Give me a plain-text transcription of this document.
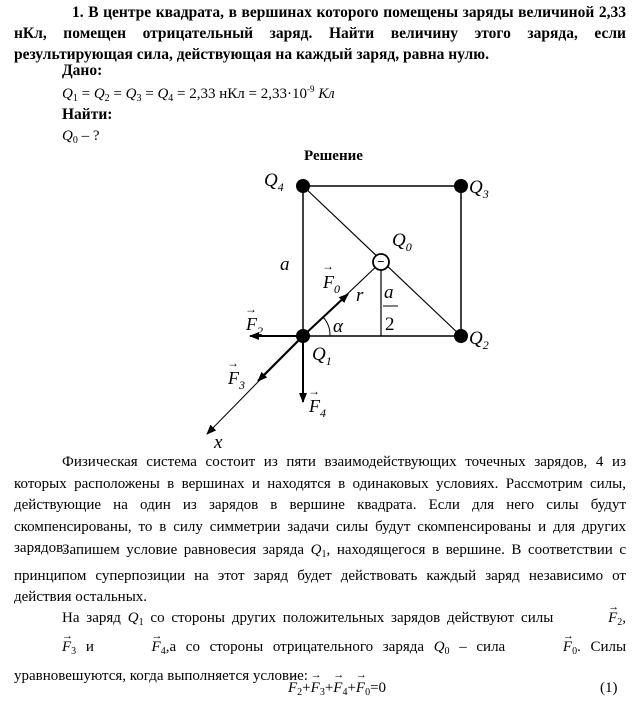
1. В центре квадрата, в вершинах которого помещены заряды величиной 2,33 нКл, помещен отрицательный заряд. Найти величину этого заряда, если результирующая сила, действующая на каждый заряд, равна нулю.
Дано:
$Q_1 = Q_2 = Q_3 = Q_4 = 2,33$ нКл = $2,33\cdot 10^{-9}$ Кл
Найти:
$Q_0$ – ?
Решение
−
$Q_4$	$Q_3$
$Q_0$
$Q_2$
$Q_1$
a
$F_0$
→
r a
2
α
$F_2$
→
$F_3$
→
$F_4$
→
x
Физическая система состоит из пяти взаимодействующих точечных зарядов, 4 из которых расположены в вершинах и находятся в одинаковых условиях. Рассмотрим силы, действующие на один из зарядов в вершине квадрата. Если для него силы будут скомпенсированы, то в силу симметрии задачи силы будут скомпенсированы и для других зарядов.
Запишем условие равновесия заряда $Q_1$, находящегося в вершине. В соответствии с принципом суперпозиции на этот заряд будет действовать каждый заряд независимо от действия остальных.
На заряд $Q_1$ со стороны других положительных зарядов действуют силы	→ $F_2$, → $F_3$ и	→ $F_4,а$ со стороны отрицательного заряда $Q_0$ – сила	→ $F_0$. Силы уравновешуются, когда выполняется условие:
→ $F_2+\to F_3+\to F_4+\to F_0=0$	(1)
